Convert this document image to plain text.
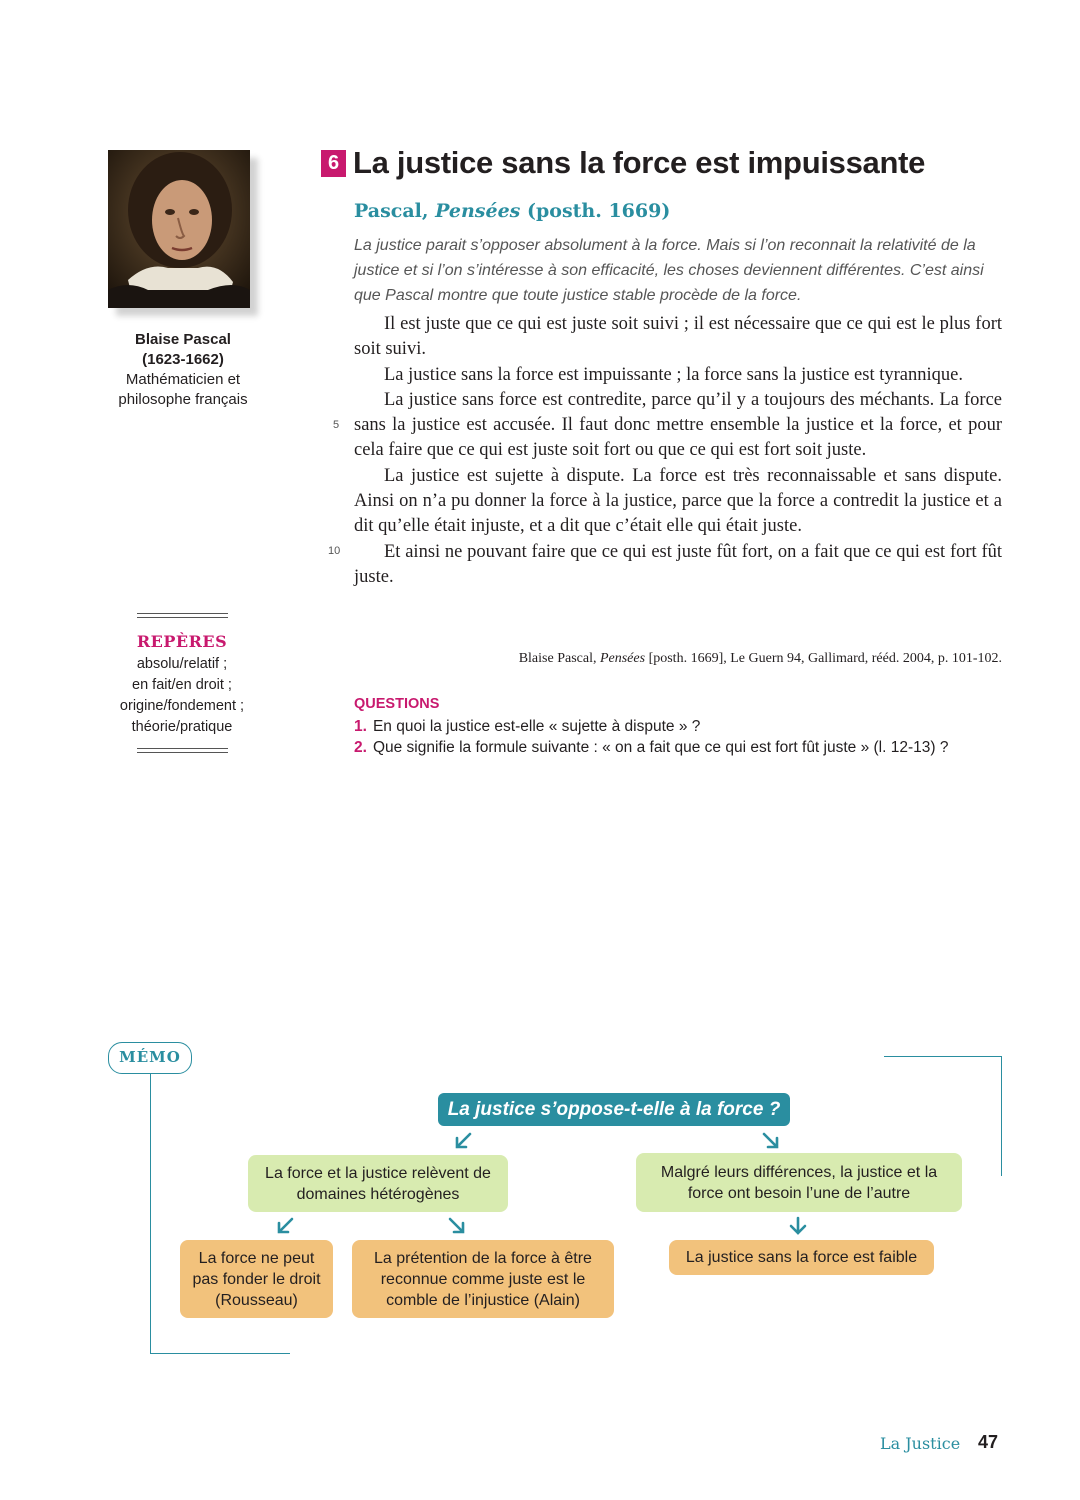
Blaise Pascal
(1623-1662)
Mathématicien et
philosophe français
REPÈRES
absolu/relatif ;
en fait/en droit ;
origine/fondement ;
théorie/pratique
6 La justice sans la force est impuissante
Pascal, Pensées (posth. 1669)
La justice parait s’opposer absolument à la force. Mais si l’on reconnait la relativité de la justice et si l’on s’intéresse à son efficacité, les choses deviennent différentes. C’est ainsi que Pascal montre que toute justice stable procède de la force.

Il est juste que ce qui est juste soit suivi ; il est nécessaire que ce qui est le plus fort soit suivi.

La justice sans la force est impuissante ; la force sans la justice est tyrannique.

La justice sans force est contredite, parce qu’il y a toujours des méchants. La force sans la justice est accusée. Il faut donc mettre ensemble la justice et la force, et pour cela faire que ce qui est juste soit fort ou que ce qui est fort soit juste.

La justice est sujette à dispute. La force est très reconnaissable et sans dispute. Ainsi on n’a pu donner la force à la justice, parce que la force a contredit la justice et a dit qu’elle était injuste, et a dit que c’était elle qui était juste.

Et ainsi ne pouvant faire que ce qui est juste fût fort, on a fait que ce qui est fort fût juste.

5
10
Blaise Pascal, Pensées [posth. 1669], Le Guern 94, Gallimard, rééd. 2004, p. 101-102.
QUESTIONS
1. En quoi la justice est-elle « sujette à dispute » ?
2. Que signifie la formule suivante : « on a fait que ce qui est fort fût juste » (l. 12-13) ?
MÉMO
La justice s’oppose-t-elle à la force ?
La force et la justice relèvent de domaines hétérogènes
Malgré leurs différences, la justice et la force ont besoin l’une de l’autre
La force ne peut pas fonder le droit (Rousseau)
La prétention de la force à être reconnue comme juste est le comble de l’injustice (Alain)
La justice sans la force est faible
La Justice 47
